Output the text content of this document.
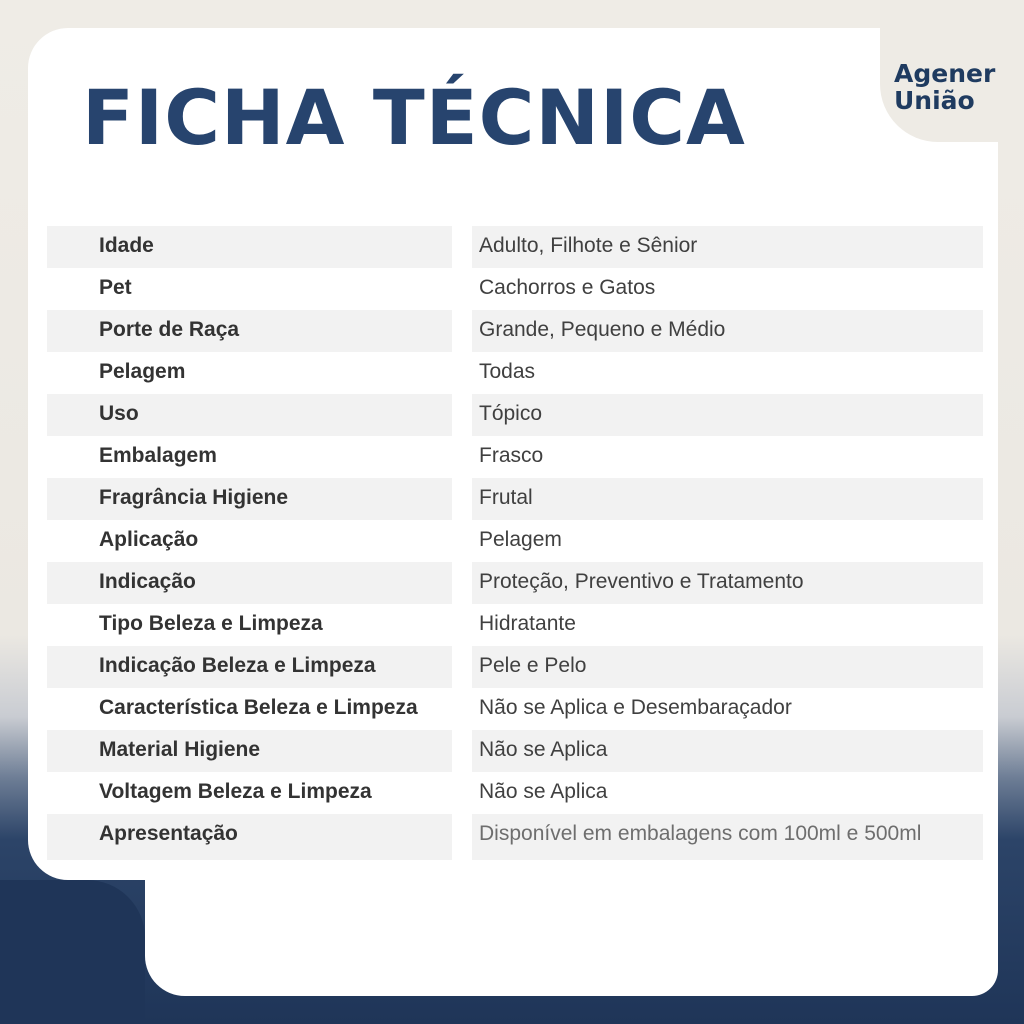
FICHA TÉCNICA	Agener
União
Idade	Adulto, Filhote e Sênior
Pet	Cachorros e Gatos
Porte de Raça	Grande, Pequeno e Médio
Pelagem	Todas
Uso	Tópico
Embalagem	Frasco
Fragrância Higiene	Frutal
Aplicação	Pelagem
Indicação	Proteção, Preventivo e Tratamento
Tipo Beleza e Limpeza	Hidratante
Indicação Beleza e Limpeza	Pele e Pelo
Característica Beleza e Limpeza	Não se Aplica e Desembaraçador
Material Higiene	Não se Aplica
Voltagem Beleza e Limpeza	Não se Aplica
Apresentação	Disponível em embalagens com 100ml e 500ml
